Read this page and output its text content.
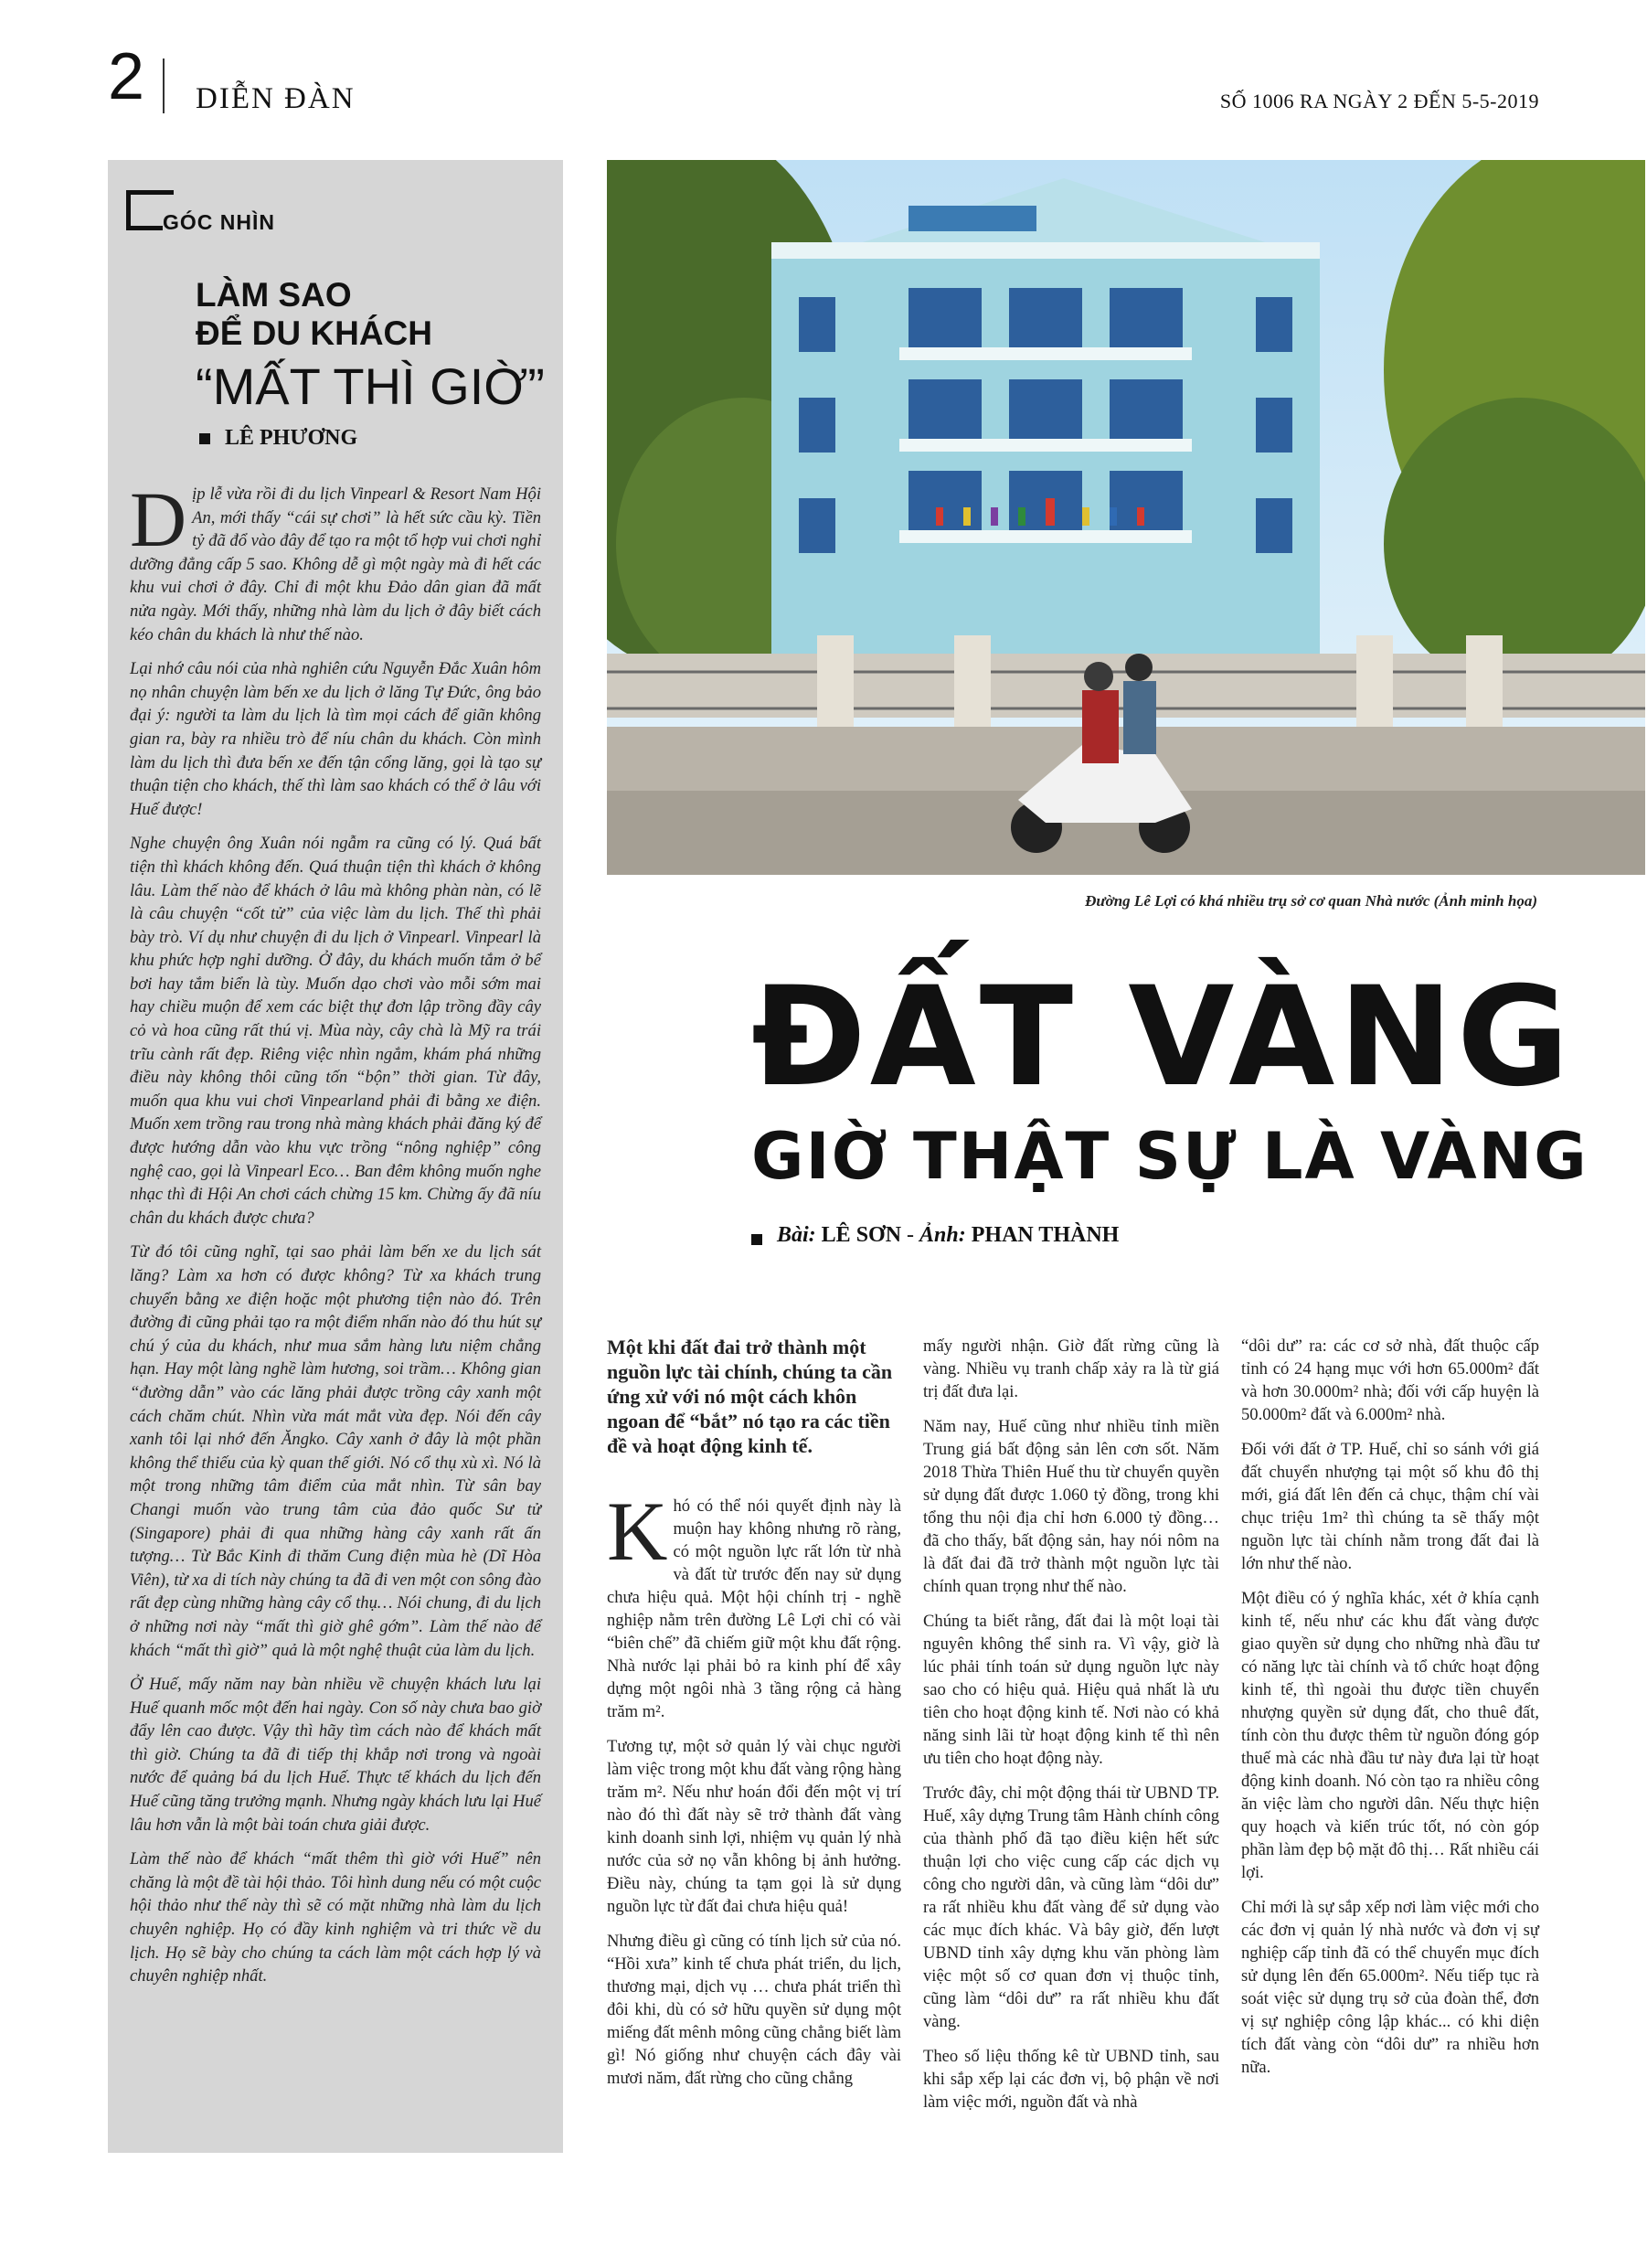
2 DIỄN ĐÀN	SỐ 1006 RA NGÀY 2 ĐẾN 5-5-2019
GÓC NHÌN
LÀM SAO
ĐỂ DU KHÁCH
“MẤT THÌ GIỜ”
LÊ PHƯƠNG

Dịp lễ vừa rồi đi du lịch Vinpearl & Resort Nam Hội An, mới thấy “cái sự chơi” là hết sức cầu kỳ. Tiền tỷ đã đổ vào đây để tạo ra một tổ hợp vui chơi nghỉ dưỡng đẳng cấp 5 sao. Không dễ gì một ngày mà đi hết các khu vui chơi ở đây. Chỉ đi một khu Đảo dân gian đã mất nửa ngày. Mới thấy, những nhà làm du lịch ở đây biết cách kéo chân du khách là như thế nào.

Lại nhớ câu nói của nhà nghiên cứu Nguyễn Đắc Xuân hôm nọ nhân chuyện làm bến xe du lịch ở lăng Tự Đức, ông bảo đại ý: người ta làm du lịch là tìm mọi cách để giãn không gian ra, bày ra nhiều trò để níu chân du khách. Còn mình làm du lịch thì đưa bến xe đến tận cổng lăng, gọi là tạo sự thuận tiện cho khách, thế thì làm sao khách có thể ở lâu với Huế được!

Nghe chuyện ông Xuân nói ngẫm ra cũng có lý. Quá bất tiện thì khách không đến. Quá thuận tiện thì khách ở không lâu. Làm thế nào để khách ở lâu mà không phàn nàn, có lẽ là câu chuyện “cốt tử” của việc làm du lịch. Thế thì phải bày trò. Ví dụ như chuyện đi du lịch ở Vinpearl. Vinpearl là khu phức hợp nghỉ dưỡng. Ở đây, du khách muốn tắm ở bể bơi hay tắm biển là tùy. Muốn dạo chơi vào mỗi sớm mai hay chiều muộn để xem các biệt thự đơn lập trồng đầy cây cỏ và hoa cũng rất thú vị. Mùa này, cây chà là Mỹ ra trái trĩu cành rất đẹp. Riêng việc nhìn ngắm, khám phá những điều này không thôi cũng tốn “bộn” thời gian. Từ đây, muốn qua khu vui chơi Vinpearland phải đi bằng xe điện. Muốn xem trồng rau trong nhà màng khách phải đăng ký để được hướng dẫn vào khu vực trồng “nông nghiệp” công nghệ cao, gọi là Vinpearl Eco… Ban đêm không muốn nghe nhạc thì đi Hội An chơi cách chừng 15 km. Chừng ấy đã níu chân du khách được chưa?

Từ đó tôi cũng nghĩ, tại sao phải làm bến xe du lịch sát lăng? Làm xa hơn có được không? Từ xa khách trung chuyển bằng xe điện hoặc một phương tiện nào đó. Trên đường đi cũng phải tạo ra một điểm nhấn nào đó thu hút sự chú ý của du khách, như mua sắm hàng lưu niệm chẳng hạn. Hay một làng nghề làm hương, soi trầm… Không gian “đường dẫn” vào các lăng phải được trồng cây xanh một cách chăm chút. Nhìn vừa mát mắt vừa đẹp. Nói đến cây xanh tôi lại nhớ đến Ăngko. Cây xanh ở đây là một phần không thể thiếu của kỳ quan thế giới. Nó cổ thụ xù xì. Nó là một trong những tâm điểm của mắt nhìn. Từ sân bay Changi muốn vào trung tâm của đảo quốc Sư tử (Singapore) phải đi qua những hàng cây xanh rất ấn tượng… Từ Bắc Kinh đi thăm Cung điện mùa hè (Dĩ Hòa Viên), từ xa di tích này chúng ta đã đi ven một con sông đào rất đẹp cùng những hàng cây cổ thụ… Nói chung, đi du lịch ở những nơi này “mất thì giờ ghê gớm”. Làm thế nào để khách “mất thì giờ” quả là một nghệ thuật của làm du lịch.

Ở Huế, mấy năm nay bàn nhiều về chuyện khách lưu lại Huế quanh mốc một đến hai ngày. Con số này chưa bao giờ đẩy lên cao được. Vậy thì hãy tìm cách nào để khách mất thì giờ. Chúng ta đã đi tiếp thị khắp nơi trong và ngoài nước để quảng bá du lịch Huế. Thực tế khách du lịch đến Huế cũng tăng trưởng mạnh. Nhưng ngày khách lưu lại Huế lâu hơn vẫn là một bài toán chưa giải được.

Làm thế nào để khách “mất thêm thì giờ với Huế” nên chăng là một đề tài hội thảo. Tôi hình dung nếu có một cuộc hội thảo như thế này thì sẽ có mặt những nhà làm du lịch chuyên nghiệp. Họ có đầy kinh nghiệm và tri thức về du lịch. Họ sẽ bày cho chúng ta cách làm một cách hợp lý và chuyên nghiệp nhất.

Đường Lê Lợi có khá nhiều trụ sở cơ quan Nhà nước (Ảnh minh họa)
ĐẤT VÀNG
GIỜ THẬT SỰ LÀ VÀNG
Bài: LÊ SƠN - Ảnh: PHAN THÀNH

Một khi đất đai trở thành một nguồn lực tài chính, chúng ta cần ứng xử với nó một cách khôn ngoan để “bắt” nó tạo ra các tiền đề và hoạt động kinh tế.

Khó có thể nói quyết định này là muộn hay không nhưng rõ ràng, có một nguồn lực rất lớn từ nhà và đất từ trước đến nay sử dụng chưa hiệu quả. Một hội chính trị - nghề nghiệp nằm trên đường Lê Lợi chỉ có vài “biên chế” đã chiếm giữ một khu đất rộng. Nhà nước lại phải bỏ ra kinh phí để xây dựng một ngôi nhà 3 tầng rộng cả hàng trăm m².

Tương tự, một sở quản lý vài chục người làm việc trong một khu đất vàng rộng hàng trăm m². Nếu như hoán đổi đến một vị trí nào đó thì đất này sẽ trở thành đất vàng kinh doanh sinh lợi, nhiệm vụ quản lý nhà nước của sở nọ vẫn không bị ảnh hưởng. Điều này, chúng ta tạm gọi là sử dụng nguồn lực từ đất đai chưa hiệu quả!

Nhưng điều gì cũng có tính lịch sử của nó. “Hồi xưa” kinh tế chưa phát triển, du lịch, thương mại, dịch vụ … chưa phát triển thì đôi khi, dù có sở hữu quyền sử dụng một miếng đất mênh mông cũng chẳng biết làm gì! Nó giống như chuyện cách đây vài mươi năm, đất rừng cho cũng chẳng

mấy người nhận. Giờ đất rừng cũng là vàng. Nhiều vụ tranh chấp xảy ra là từ giá trị đất đưa lại.

Năm nay, Huế cũng như nhiều tỉnh miền Trung giá bất động sản lên cơn sốt. Năm 2018 Thừa Thiên Huế thu từ chuyển quyền sử dụng đất được 1.060 tỷ đồng, trong khi tổng thu nội địa chỉ hơn 6.000 tỷ đồng… đã cho thấy, bất động sản, hay nói nôm na là đất đai đã trở thành một nguồn lực tài chính quan trọng như thế nào.

Chúng ta biết rằng, đất đai là một loại tài nguyên không thể sinh ra. Vì vậy, giờ là lúc phải tính toán sử dụng nguồn lực này sao cho có hiệu quả. Hiệu quả nhất là ưu tiên cho hoạt động kinh tế. Nơi nào có khả năng sinh lãi từ hoạt động kinh tế thì nên ưu tiên cho hoạt động này.

Trước đây, chỉ một động thái từ UBND TP. Huế, xây dựng Trung tâm Hành chính công của thành phố đã tạo điều kiện hết sức thuận lợi cho việc cung cấp các dịch vụ công cho người dân, và cũng làm “dôi dư” ra rất nhiều khu đất vàng để sử dụng vào các mục đích khác. Và bây giờ, đến lượt UBND tỉnh xây dựng khu văn phòng làm việc một số cơ quan đơn vị thuộc tỉnh, cũng làm “dôi dư” ra rất nhiều khu đất vàng.

Theo số liệu thống kê từ UBND tỉnh, sau khi sắp xếp lại các đơn vị, bộ phận về nơi làm việc mới, nguồn đất và nhà

“dôi dư” ra: các cơ sở nhà, đất thuộc cấp tỉnh có 24 hạng mục với hơn 65.000m² đất và hơn 30.000m² nhà; đối với cấp huyện là 50.000m² đất và 6.000m² nhà.

Đối với đất ở TP. Huế, chỉ so sánh với giá đất chuyển nhượng tại một số khu đô thị mới, giá đất lên đến cả chục, thậm chí vài chục triệu 1m² thì chúng ta sẽ thấy một nguồn lực tài chính nằm trong đất đai là lớn như thế nào.

Một điều có ý nghĩa khác, xét ở khía cạnh kinh tế, nếu như các khu đất vàng được giao quyền sử dụng cho những nhà đầu tư có năng lực tài chính và tổ chức hoạt động kinh tế, thì ngoài thu được tiền chuyển nhượng quyền sử dụng đất, cho thuê đất, tính còn thu được thêm từ nguồn đóng góp thuế mà các nhà đầu tư này đưa lại từ hoạt động kinh doanh. Nó còn tạo ra nhiều công ăn việc làm cho người dân. Nếu thực hiện quy hoạch và kiến trúc tốt, nó còn góp phần làm đẹp bộ mặt đô thị… Rất nhiều cái lợi.

Chỉ mới là sự sắp xếp nơi làm việc mới cho các đơn vị quản lý nhà nước và đơn vị sự nghiệp cấp tỉnh đã có thể chuyển mục đích sử dụng lên đến 65.000m². Nếu tiếp tục rà soát việc sử dụng trụ sở của đoàn thể, đơn vị sự nghiệp công lập khác... có khi diện tích đất vàng còn “dôi dư” ra nhiều hơn nữa.
